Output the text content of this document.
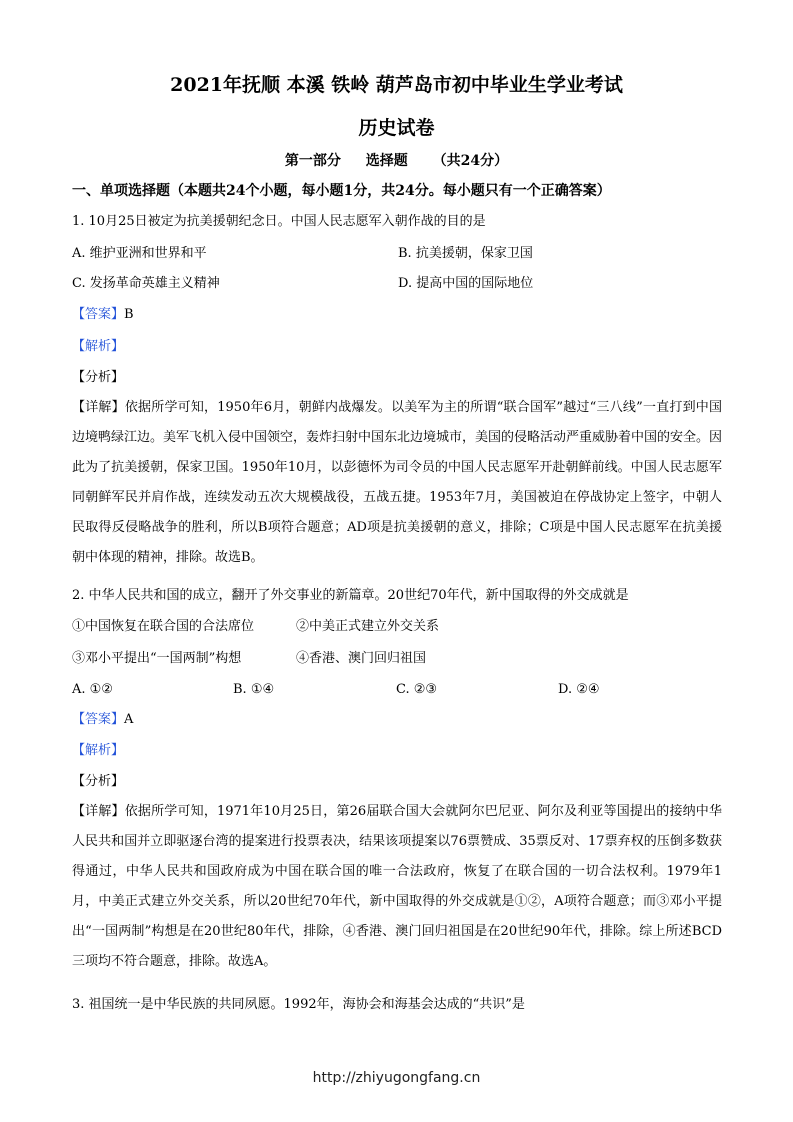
2021年抚顺 本溪 铁岭 葫芦岛市初中毕业生学业考试
历史试卷
第一部分 选择题 （共24分）
一、单项选择题（本题共24个小题，每小题1分，共24分。每小题只有一个正确答案）
1. 10月25日被定为抗美援朝纪念日。中国人民志愿军入朝作战的目的是
A. 维护亚洲和世界和平	B. 抗美援朝，保家卫国
C. 发扬革命英雄主义精神	D. 提高中国的国际地位
【答案】B
【解析】
【分析】
【详解】依据所学可知，1950年6月，朝鲜内战爆发。以美军为主的所谓“联合国军”越过“三八线”一直打到中国边境鸭绿江边。美军飞机入侵中国领空，轰炸扫射中国东北边境城市，美国的侵略活动严重威胁着中国的安全。因此为了抗美援朝，保家卫国。1950年10月，以彭德怀为司令员的中国人民志愿军开赴朝鲜前线。中国人民志愿军同朝鲜军民并肩作战，连续发动五次大规模战役，五战五捷。1953年7月，美国被迫在停战协定上签字，中朝人民取得反侵略战争的胜利，所以B项符合题意；AD项是抗美援朝的意义，排除；C项是中国人民志愿军在抗美援朝中体现的精神，排除。故选B。
2. 中华人民共和国的成立，翻开了外交事业的新篇章。20世纪70年代，新中国取得的外交成就是
①中国恢复在联合国的合法席位	②中美正式建立外交关系
③邓小平提出“一国两制”构想	④香港、澳门回归祖国
A. ①②	B. ①④	C. ②③	D. ②④
【答案】A
【解析】
【分析】
【详解】依据所学可知，1971年10月25日，第26届联合国大会就阿尔巴尼亚、阿尔及利亚等国提出的接纳中华人民共和国并立即驱逐台湾的提案进行投票表决，结果该项提案以76票赞成、35票反对、17票弃权的压倒多数获得通过，中华人民共和国政府成为中国在联合国的唯一合法政府，恢复了在联合国的一切合法权利。1979年1月，中美正式建立外交关系，所以20世纪70年代，新中国取得的外交成就是①②，A项符合题意；而③邓小平提出“一国两制”构想是在20世纪80年代，排除，④香港、澳门回归祖国是在20世纪90年代，排除。综上所述BCD三项均不符合题意，排除。故选A。
3. 祖国统一是中华民族的共同夙愿。1992年，海协会和海基会达成的“共识”是
http://zhiyugongfang.cn
